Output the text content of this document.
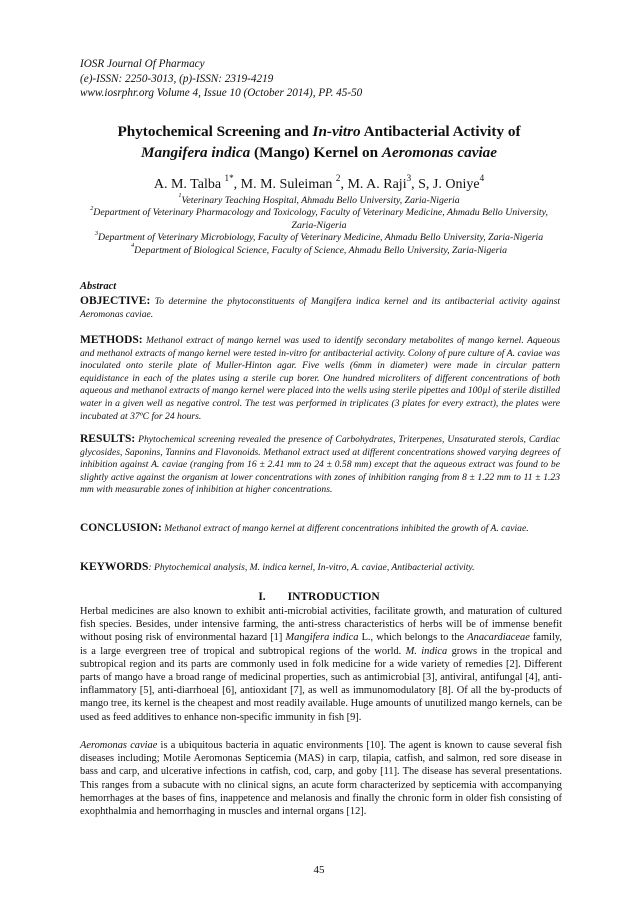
IOSR Journal Of Pharmacy
(e)-ISSN: 2250-3013, (p)-ISSN: 2319-4219
www.iosrphr.org Volume 4, Issue 10 (October 2014), PP. 45-50
Phytochemical Screening and In-vitro Antibacterial Activity of
Mangifera indica (Mango) Kernel on Aeromonas caviae
A. M. Talba $^{1*}$, M. M. Suleiman $^2$, M. A. Raji$^3$, S, J. Oniye$^4$
$^1$Veterinary Teaching Hospital, Ahmadu Bello University, Zaria-Nigeria
$^2$Department of Veterinary Pharmacology and Toxicology, Faculty of Veterinary Medicine, Ahmadu Bello University, Zaria-Nigeria
$^3$Department of Veterinary Microbiology, Faculty of Veterinary Medicine, Ahmadu Bello University, Zaria-Nigeria
$^4$Department of Biological Science, Faculty of Science, Ahmadu Bello University, Zaria-Nigeria
Abstract
OBJECTIVE: To determine the phytoconstituents of Mangifera indica kernel and its antibacterial activity against Aeromonas caviae.
METHODS: Methanol extract of mango kernel was used to identify secondary metabolites of mango kernel. Aqueous and methanol extracts of mango kernel were tested in-vitro for antibacterial activity. Colony of pure culture of A. caviae was inoculated onto sterile plate of Muller-Hinton agar. Five wells (6mm in diameter) were made in circular pattern equidistance in each of the plates using a sterile cup borer. One hundred microliters of different concentrations of both aqueous and methanol extracts of mango kernel were placed into the wells using sterile pipettes and 100µl of sterile distilled water in a given well as negative control. The test was performed in triplicates (3 plates for every extract), the plates were incubated at 37ºC for 24 hours.
RESULTS: Phytochemical screening revealed the presence of Carbohydrates, Triterpenes, Unsaturated sterols, Cardiac glycosides, Saponins, Tannins and Flavonoids. Methanol extract used at different concentrations showed varying degrees of inhibition against A. caviae (ranging from 16 ± 2.41 mm to 24 ± 0.58 mm) except that the aqueous extract was found to be slightly active against the organism at lower concentrations with zones of inhibition ranging from 8 ± 1.22 mm to 11 ± 1.23 mm with measurable zones of inhibition at higher concentrations.
CONCLUSION: Methanol extract of mango kernel at different concentrations inhibited the growth of A. caviae.
KEYWORDS: Phytochemical analysis, M. indica kernel, In-vitro, A. caviae, Antibacterial activity.
I. INTRODUCTION
Herbal medicines are also known to exhibit anti-microbial activities, facilitate growth, and maturation of cultured fish species. Besides, under intensive farming, the anti-stress characteristics of herbs will be of immense benefit without posing risk of environmental hazard [1] Mangifera indica L., which belongs to the Anacardiaceae family, is a large evergreen tree of tropical and subtropical regions of the world. M. indica grows in the tropical and subtropical region and its parts are commonly used in folk medicine for a wide variety of remedies [2]. Different parts of mango have a broad range of medicinal properties, such as antimicrobial [3], antiviral, antifungal [4], anti-inflammatory [5], anti-diarrhoeal [6], antioxidant [7], as well as immunomodulatory [8]. Of all the by-products of mango tree, its kernel is the cheapest and most readily available. Huge amounts of unutilized mango kernels, can be used as feed additives to enhance non-specific immunity in fish [9].
Aeromonas caviae is a ubiquitous bacteria in aquatic environments [10]. The agent is known to cause several fish diseases including; Motile Aeromonas Septicemia (MAS) in carp, tilapia, catfish, and salmon, red sore disease in bass and carp, and ulcerative infections in catfish, cod, carp, and goby [11]. The disease has several presentations. This ranges from a subacute with no clinical signs, an acute form characterized by septicemia with accompanying hemorrhages at the bases of fins, inappetence and melanosis and finally the chronic form in older fish consisting of exophthalmia and hemorrhaging in muscles and internal organs [12].
45
